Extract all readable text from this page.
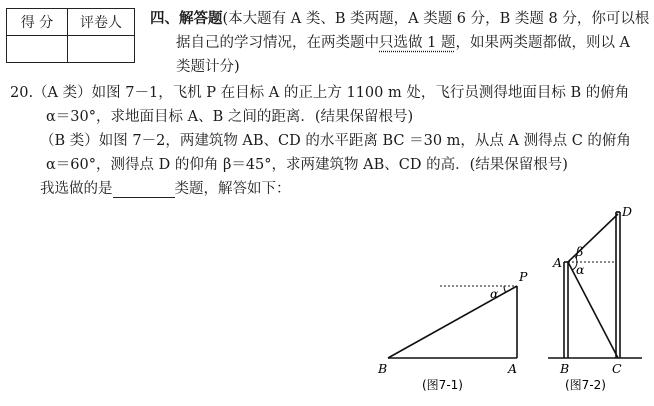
得 分	评卷人
	四、解答题(本大题有 A 类、B 类两题，A 类题 6 分，B 类题 8 分，你可以根
据自己的学习情况，在两类题中只选做 1 题，如果两类题都做，则以 A
类题计分)
20.（A 类）如图 7－1，飞机 P 在目标 A 的正上方 1100 m 处，飞行员测得地面目标 B 的俯角
α＝30°，求地面目标 A、B 之间的距离．(结果保留根号)
（B 类）如图 7－2，两建筑物 AB、CD 的水平距离 BC ＝30 m，从点 A 测得点 C 的俯角
α＝60°，测得点 D 的仰角 β＝45°，求两建筑物 AB、CD 的高．(结果保留根号)
我选做的是	类题，解答如下：
P
A
B
α
(图7-1)
D
A
B	C
β
α
(图7-2)
